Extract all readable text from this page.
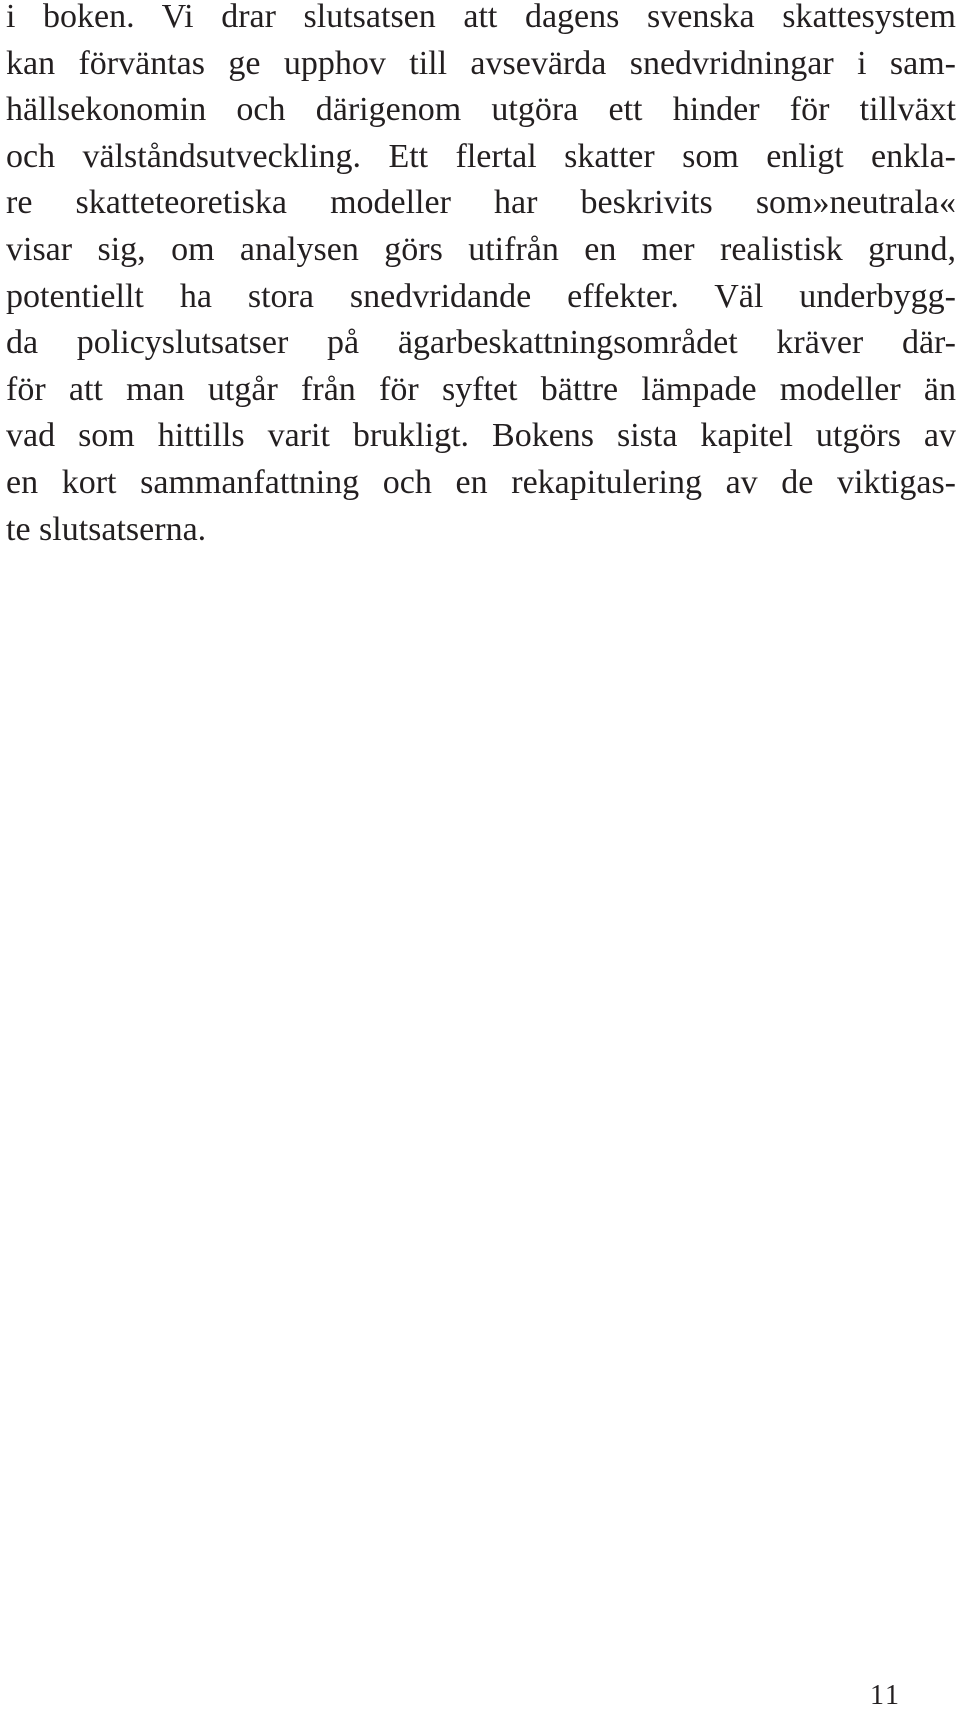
i boken. Vi drar slutsatsen att dagens svenska skattesystem
kan förväntas ge upphov till avsevärda snedvridningar i sam-
hällsekonomin och därigenom utgöra ett hinder för tillväxt
och välståndsutveckling. Ett flertal skatter som enligt enkla-
re skatteteoretiska modeller har beskrivits som»neutrala«
visar sig, om analysen görs utifrån en mer realistisk grund,
potentiellt ha stora snedvridande effekter. Väl underbygg-
da policyslutsatser på ägarbeskattningsområdet kräver där-
för att man utgår från för syftet bättre lämpade modeller än
vad som hittills varit brukligt. Bokens sista kapitel utgörs av
en kort sammanfattning och en rekapitulering av de viktigas-
te slutsatserna.
11
